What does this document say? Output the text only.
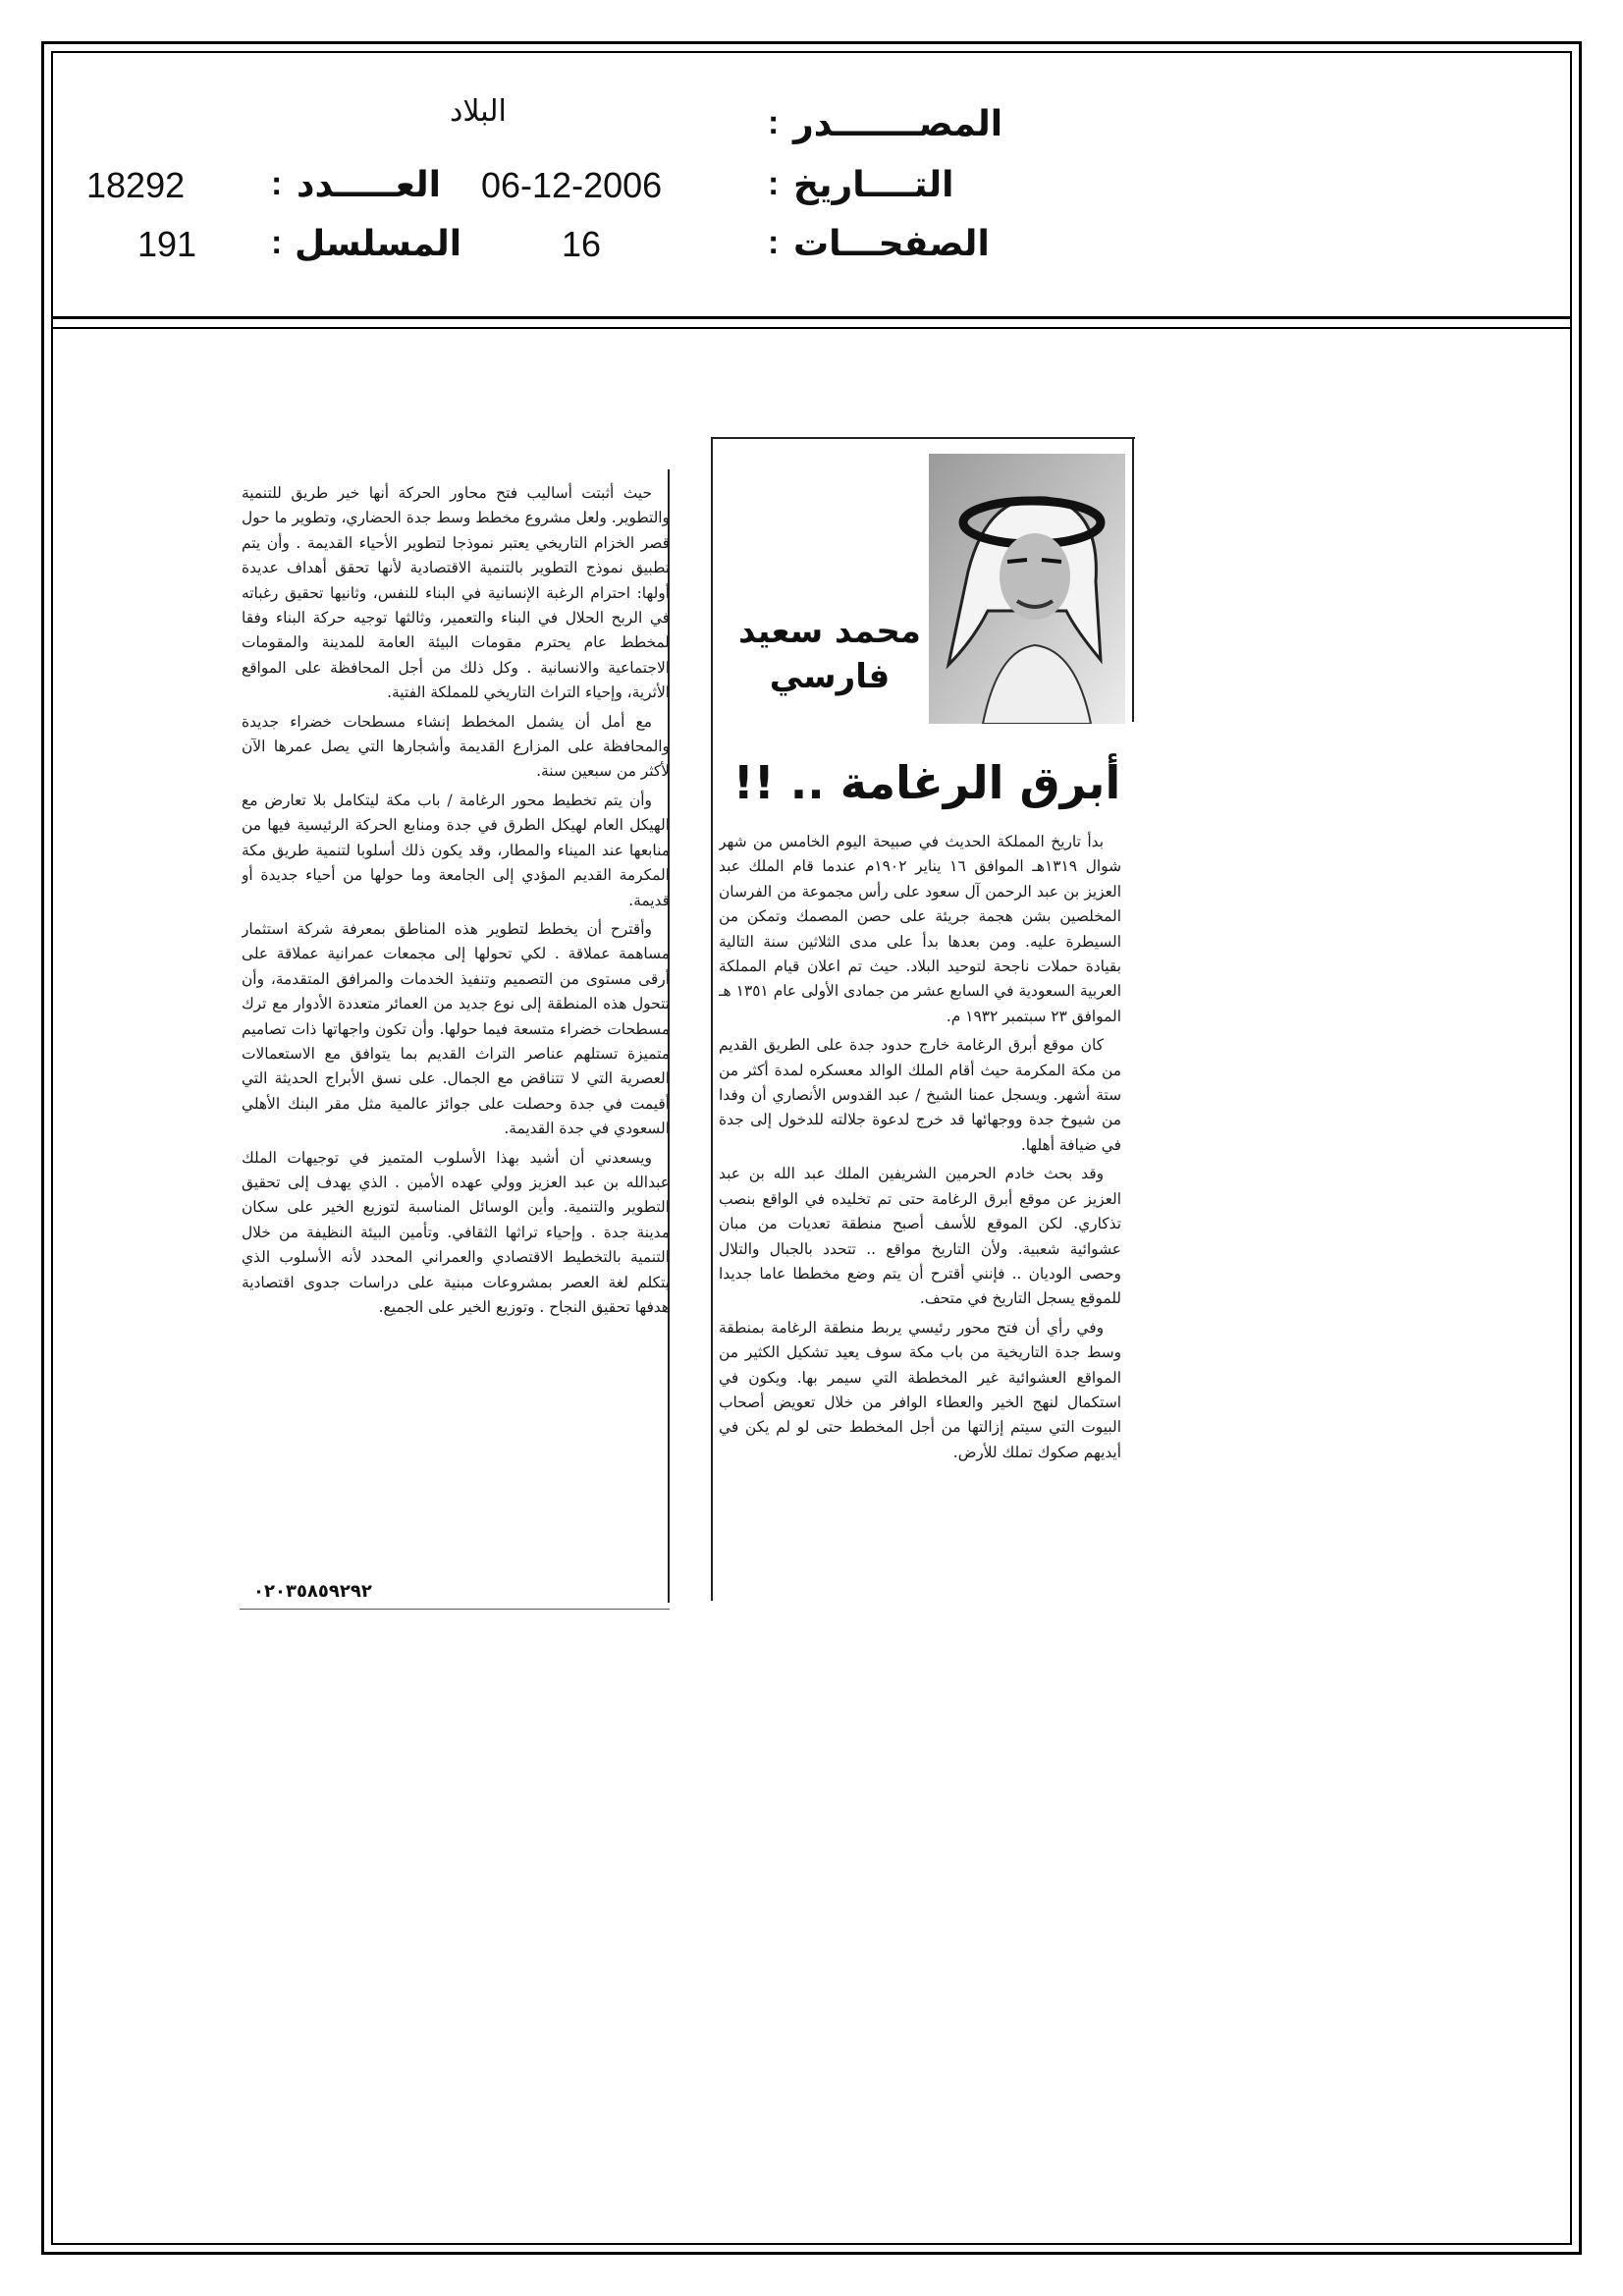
المصـــــــدر
:
البلاد
التــــاريخ
:
06-12-2006
العـــــدد
:
18292
الصفحـــات
:
16
المسلسل
:
191
محمد سعيد فارسي
أبرق الرغامة .. !!

بدأ تاريخ المملكة الحديث في صبيحة اليوم الخامس من شهر شوال ١٣١٩هـ الموافق ١٦ يناير ١٩٠٢م عندما قام الملك عبد العزيز بن عبد الرحمن آل سعود على رأس مجموعة من الفرسان المخلصين بشن هجمة جريئة على حصن المصمك وتمكن من السيطرة عليه. ومن بعدها بدأ على مدى الثلاثين سنة التالية بقيادة حملات ناجحة لتوحيد البلاد. حيث تم اعلان قيام المملكة العربية السعودية في السابع عشر من جمادى الأولى عام ١٣٥١ هـ الموافق ٢٣ سبتمبر ١٩٣٢ م.

كان موقع أبرق الرغامة خارج حدود جدة على الطريق القديم من مكة المكرمة حيث أقام الملك الوالد معسكره لمدة أكثر من ستة أشهر. ويسجل عمنا الشيخ / عبد القدوس الأنصاري أن وفدا من شيوخ جدة ووجهائها قد خرج لدعوة جلالته للدخول إلى جدة في ضيافة أهلها.

وقد بحث خادم الحرمين الشريفين الملك عبد الله بن عبد العزيز عن موقع أبرق الرغامة حتى تم تخليده في الواقع بنصب تذكاري. لكن الموقع للأسف أصبح منطقة تعديات من مبان عشوائية شعبية. ولأن التاريخ مواقع .. تتحدد بالجبال والتلال وحصى الوديان .. فإنني أقترح أن يتم وضع مخططا عاما جديدا للموقع يسجل التاريخ في متحف.

وفي رأي أن فتح محور رئيسي يربط منطقة الرغامة بمنطقة وسط جدة التاريخية من باب مكة سوف يعيد تشكيل الكثير من المواقع العشوائية غير المخططة التي سيمر بها. ويكون في استكمال لنهج الخير والعطاء الوافر من خلال تعويض أصحاب البيوت التي سيتم إزالتها من أجل المخطط حتى لو لم يكن في أيديهم صكوك تملك للأرض.

حيث أثبتت أساليب فتح محاور الحركة أنها خير طريق للتنمية والتطوير. ولعل مشروع مخطط وسط جدة الحضاري، وتطوير ما حول قصر الخزام التاريخي يعتبر نموذجا لتطوير الأحياء القديمة . وأن يتم تطبيق نموذج التطوير بالتنمية الاقتصادية لأنها تحقق أهداف عديدة أولها: احترام الرغبة الإنسانية في البناء للنفس، وثانيها تحقيق رغباته في الربح الحلال في البناء والتعمير، وثالثها توجيه حركة البناء وفقا لمخطط عام يحترم مقومات البيئة العامة للمدينة والمقومات الاجتماعية والانسانية . وكل ذلك من أجل المحافظة على المواقع الأثرية، وإحياء التراث التاريخي للمملكة الفتية.

مع أمل أن يشمل المخطط إنشاء مسطحات خضراء جديدة والمحافظة على المزارع القديمة وأشجارها التي يصل عمرها الآن لأكثر من سبعين سنة.

وأن يتم تخطيط محور الرغامة / باب مكة ليتكامل بلا تعارض مع الهيكل العام لهيكل الطرق في جدة ومنابع الحركة الرئيسية فيها من منابعها عند الميناء والمطار، وقد يكون ذلك أسلوبا لتنمية طريق مكة المكرمة القديم المؤدي إلى الجامعة وما حولها من أحياء جديدة أو قديمة.

وأقترح أن يخطط لتطوير هذه المناطق بمعرفة شركة استثمار مساهمة عملاقة . لكي تحولها إلى مجمعات عمرانية عملاقة على أرقى مستوى من التصميم وتنفيذ الخدمات والمرافق المتقدمة، وأن تتحول هذه المنطقة إلى نوع جديد من العمائر متعددة الأدوار مع ترك مسطحات خضراء متسعة فيما حولها. وأن تكون واجهاتها ذات تصاميم متميزة تستلهم عناصر التراث القديم بما يتوافق مع الاستعمالات العصرية التي لا تتناقض مع الجمال. على نسق الأبراج الحديثة التي أقيمت في جدة وحصلت على جوائز عالمية مثل مقر البنك الأهلي السعودي في جدة القديمة.

ويسعدني أن أشيد بهذا الأسلوب المتميز في توجيهات الملك عبدالله بن عبد العزيز وولي عهده الأمين . الذي يهدف إلى تحقيق التطوير والتنمية. وأين الوسائل المناسبة لتوزيع الخير على سكان مدينة جدة . وإحياء تراثها الثقافي. وتأمين البيئة النظيفة من خلال التنمية بالتخطيط الاقتصادي والعمراني المحدد لأنه الأسلوب الذي يتكلم لغة العصر بمشروعات مبنية على دراسات جدوى اقتصادية هدفها تحقيق النجاح . وتوزيع الخير على الجميع.

٠٢٠٣٥٨٥٩٢٩٢
